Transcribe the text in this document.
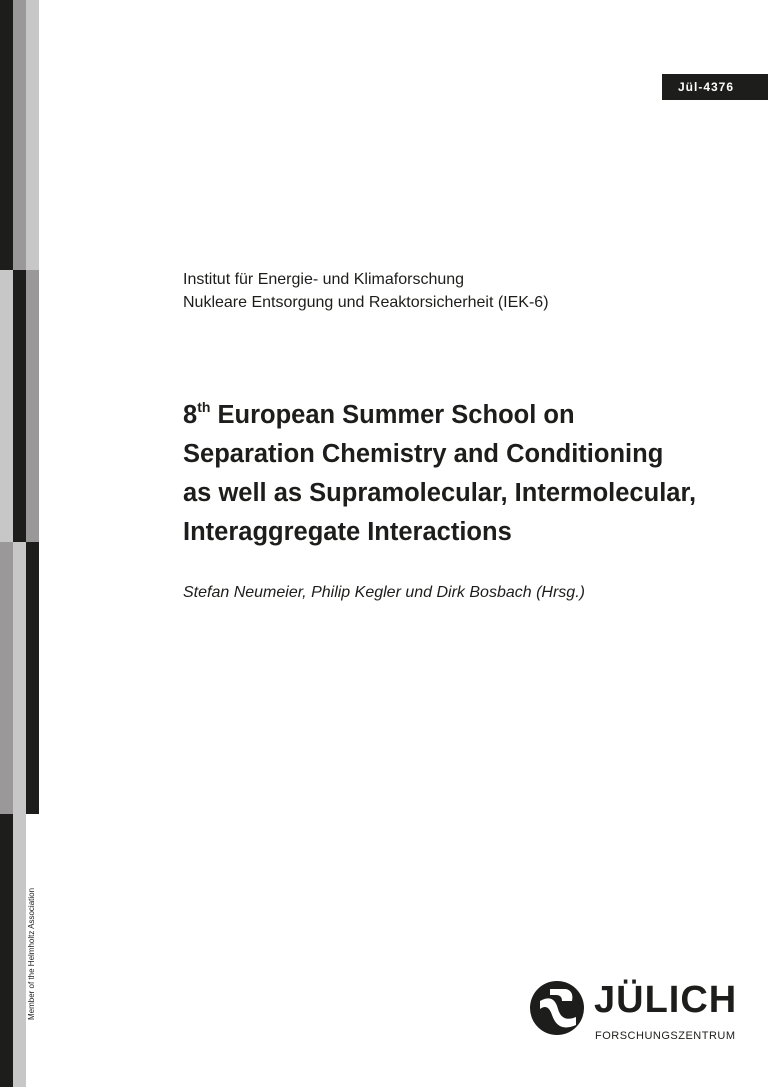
Member of the Helmholtz Association
Jül-4376
Institut für Energie- und Klimaforschung
Nukleare Entsorgung und Reaktorsicherheit (IEK-6)
8th European Summer School on
Separation Chemistry and Conditioning
as well as Supramolecular, Intermolecular,
Interaggregate Interactions
Stefan Neumeier, Philip Kegler und Dirk Bosbach (Hrsg.)
JÜLICH
FORSCHUNGSZENTRUM
